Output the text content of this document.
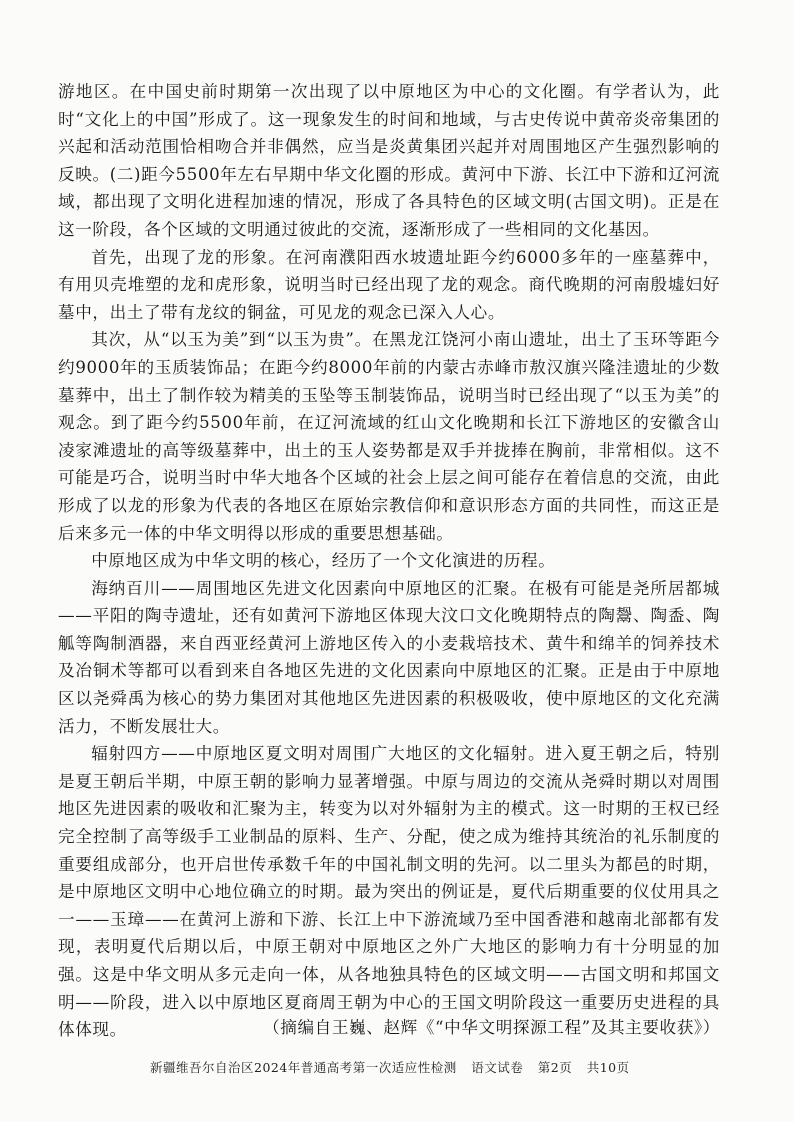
游地区。在中国史前时期第一次出现了以中原地区为中心的文化圈。有学者认为，此时“文化上的中国”形成了。这一现象发生的时间和地域，与古史传说中黄帝炎帝集团的兴起和活动范围恰相吻合并非偶然，应当是炎黄集团兴起并对周围地区产生强烈影响的反映。(二)距今5500年左右早期中华文化圈的形成。黄河中下游、长江中下游和辽河流域，都出现了文明化进程加速的情况，形成了各具特色的区域文明(古国文明)。正是在这一阶段，各个区域的文明通过彼此的交流，逐渐形成了一些相同的文化基因。

首先，出现了龙的形象。在河南濮阳西水坡遗址距今约6000多年的一座墓葬中，有用贝壳堆塑的龙和虎形象，说明当时已经出现了龙的观念。商代晚期的河南殷墟妇好墓中，出土了带有龙纹的铜盆，可见龙的观念已深入人心。

其次，从“以玉为美”到“以玉为贵”。在黑龙江饶河小南山遗址，出土了玉环等距今约9000年的玉质装饰品；在距今约8000年前的内蒙古赤峰市敖汉旗兴隆洼遗址的少数墓葬中，出土了制作较为精美的玉坠等玉制装饰品，说明当时已经出现了“以玉为美”的观念。到了距今约5500年前，在辽河流域的红山文化晚期和长江下游地区的安徽含山凌家滩遗址的高等级墓葬中，出土的玉人姿势都是双手并拢捧在胸前，非常相似。这不可能是巧合，说明当时中华大地各个区域的社会上层之间可能存在着信息的交流，由此形成了以龙的形象为代表的各地区在原始宗教信仰和意识形态方面的共同性，而这正是后来多元一体的中华文明得以形成的重要思想基础。

中原地区成为中华文明的核心，经历了一个文化演进的历程。

海纳百川——周围地区先进文化因素向中原地区的汇聚。在极有可能是尧所居都城——平阳的陶寺遗址，还有如黄河下游地区体现大汶口文化晚期特点的陶鬶、陶盉、陶觚等陶制酒器，来自西亚经黄河上游地区传入的小麦栽培技术、黄牛和绵羊的饲养技术及冶铜术等都可以看到来自各地区先进的文化因素向中原地区的汇聚。正是由于中原地区以尧舜禹为核心的势力集团对其他地区先进因素的积极吸收，使中原地区的文化充满活力，不断发展壮大。

辐射四方——中原地区夏文明对周围广大地区的文化辐射。进入夏王朝之后，特别是夏王朝后半期，中原王朝的影响力显著增强。中原与周边的交流从尧舜时期以对周围地区先进因素的吸收和汇聚为主，转变为以对外辐射为主的模式。这一时期的王权已经完全控制了高等级手工业制品的原料、生产、分配，使之成为维持其统治的礼乐制度的重要组成部分，也开启世传承数千年的中国礼制文明的先河。以二里头为都邑的时期，是中原地区文明中心地位确立的时期。最为突出的例证是，夏代后期重要的仪仗用具之一——玉璋——在黄河上游和下游、长江上中下游流域乃至中国香港和越南北部都有发现，表明夏代后期以后，中原王朝对中原地区之外广大地区的影响力有十分明显的加强。这是中华文明从多元走向一体，从各地独具特色的区域文明——古国文明和邦国文明——阶段，进入以中原地区夏商周王朝为中心的王国文明阶段这一重要历史进程的具体体现。	（摘编自王巍、赵辉《“中华文明探源工程”及其主要收获》）
新疆维吾尔自治区2024年普通高考第一次适应性检测 语文试卷 第2页 共10页
